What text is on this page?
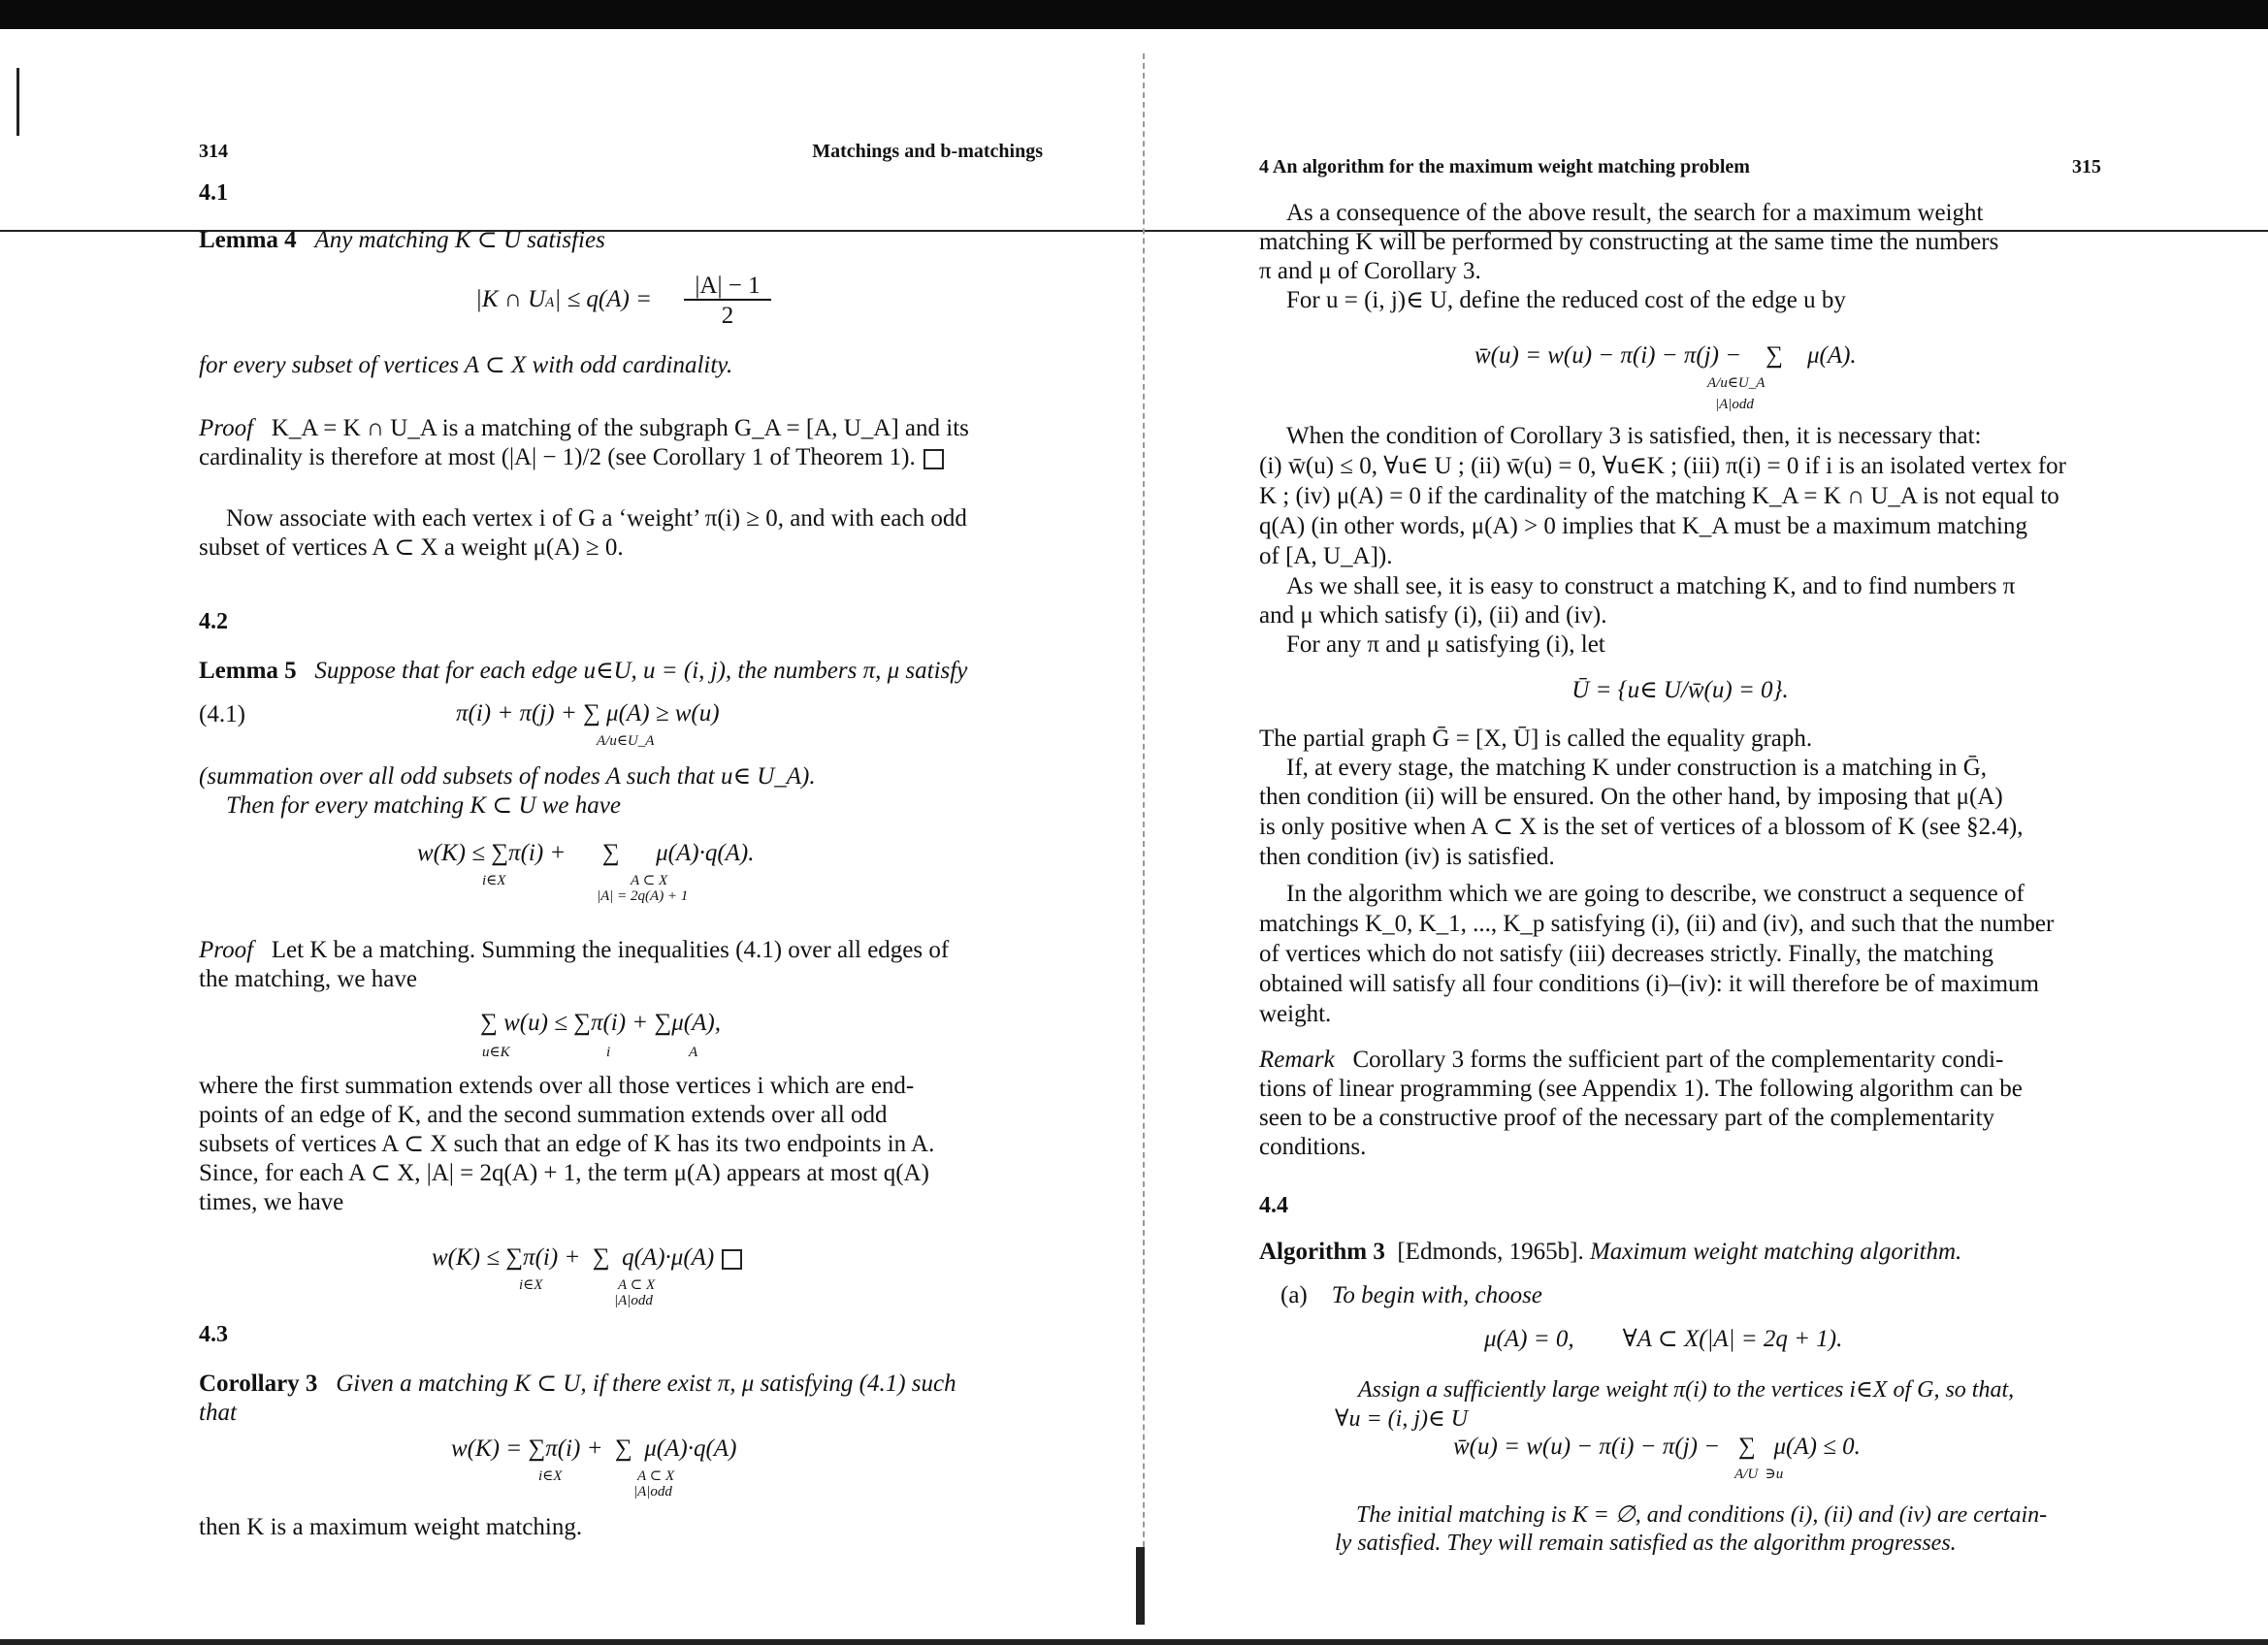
314	Matchings and b-matchings
4.1
Lemma 4 Any matching K ⊂ U satisfies
|K ∩ UA| ≤ q(A) =
|A| − 1
2
for every subset of vertices A ⊂ X with odd cardinality.
Proof K_A = K ∩ U_A is a matching of the subgraph G_A = [A, U_A] and its
cardinality is therefore at most (|A| − 1)/2 (see Corollary 1 of Theorem 1).
Now associate with each vertex i of G a ‘weight’ π(i) ≥ 0, and with each odd
subset of vertices A ⊂ X a weight μ(A) ≥ 0.
4.2
Lemma 5 Suppose that for each edge u∈U, u = (i, j), the numbers π, μ satisfy
(4.1)	π(i) + π(j) + ∑ μ(A) ≥ w(u)
A/u∈U_A
(summation over all odd subsets of nodes A such that u∈ U_A).
Then for every matching K ⊂ U we have
w(K) ≤ ∑π(i) +      ∑      μ(A)·q(A).
i∈X	A ⊂ X
|A| = 2q(A) + 1
Proof Let K be a matching. Summing the inequalities (4.1) over all edges of
the matching, we have
∑ w(u) ≤ ∑π(i) + ∑μ(A),
u∈K	i	A
where the first summation extends over all those vertices i which are end-
points of an edge of K, and the second summation extends over all odd
subsets of vertices A ⊂ X such that an edge of K has its two endpoints in A.
Since, for each A ⊂ X, |A| = 2q(A) + 1, the term μ(A) appears at most q(A)
times, we have
w(K) ≤ ∑π(i) +  ∑  q(A)·μ(A)
i∈X	A ⊂ X
|A|odd
4.3
Corollary 3 Given a matching K ⊂ U, if there exist π, μ satisfying (4.1) such
that
w(K) = ∑π(i) +  ∑  μ(A)·q(A)
i∈X	A ⊂ X
|A|odd
then K is a maximum weight matching.
4 An algorithm for the maximum weight matching problem	315
As a consequence of the above result, the search for a maximum weight
matching K will be performed by constructing at the same time the numbers
π and μ of Corollary 3.
For u = (i, j)∈ U, define the reduced cost of the edge u by
w̄(u) = w(u) − π(i) − π(j) −    ∑    μ(A).
A/u∈U_A
|A|odd
When the condition of Corollary 3 is satisfied, then, it is necessary that:
(i) w̄(u) ≤ 0, ∀u∈ U ; (ii) w̄(u) = 0, ∀u∈K ; (iii) π(i) = 0 if i is an isolated vertex for
K ; (iv) μ(A) = 0 if the cardinality of the matching K_A = K ∩ U_A is not equal to
q(A) (in other words, μ(A) > 0 implies that K_A must be a maximum matching
of [A, U_A]).
As we shall see, it is easy to construct a matching K, and to find numbers π
and μ which satisfy (i), (ii) and (iv).
For any π and μ satisfying (i), let
Ū = {u∈ U/w̄(u) = 0}.
The partial graph Ḡ = [X, Ū] is called the equality graph.
If, at every stage, the matching K under construction is a matching in Ḡ,
then condition (ii) will be ensured. On the other hand, by imposing that μ(A)
is only positive when A ⊂ X is the set of vertices of a blossom of K (see §2.4),
then condition (iv) is satisfied.
In the algorithm which we are going to describe, we construct a sequence of
matchings K_0, K_1, ..., K_p satisfying (i), (ii) and (iv), and such that the number
of vertices which do not satisfy (iii) decreases strictly. Finally, the matching
obtained will satisfy all four conditions (i)–(iv): it will therefore be of maximum
weight.
Remark Corollary 3 forms the sufficient part of the complementarity condi-
tions of linear programming (see Appendix 1). The following algorithm can be
seen to be a constructive proof of the necessary part of the complementarity
conditions.
4.4
Algorithm 3 [Edmonds, 1965b]. Maximum weight matching algorithm.
(a) To begin with, choose
μ(A) = 0,        ∀A ⊂ X(|A| = 2q + 1).
Assign a sufficiently large weight π(i) to the vertices i∈X of G, so that,
∀u = (i, j)∈ U
w̄(u) = w(u) − π(i) − π(j) −   ∑   μ(A) ≤ 0.
A/U  ∋u
The initial matching is K = ∅, and conditions (i), (ii) and (iv) are certain-
ly satisfied. They will remain satisfied as the algorithm progresses.
